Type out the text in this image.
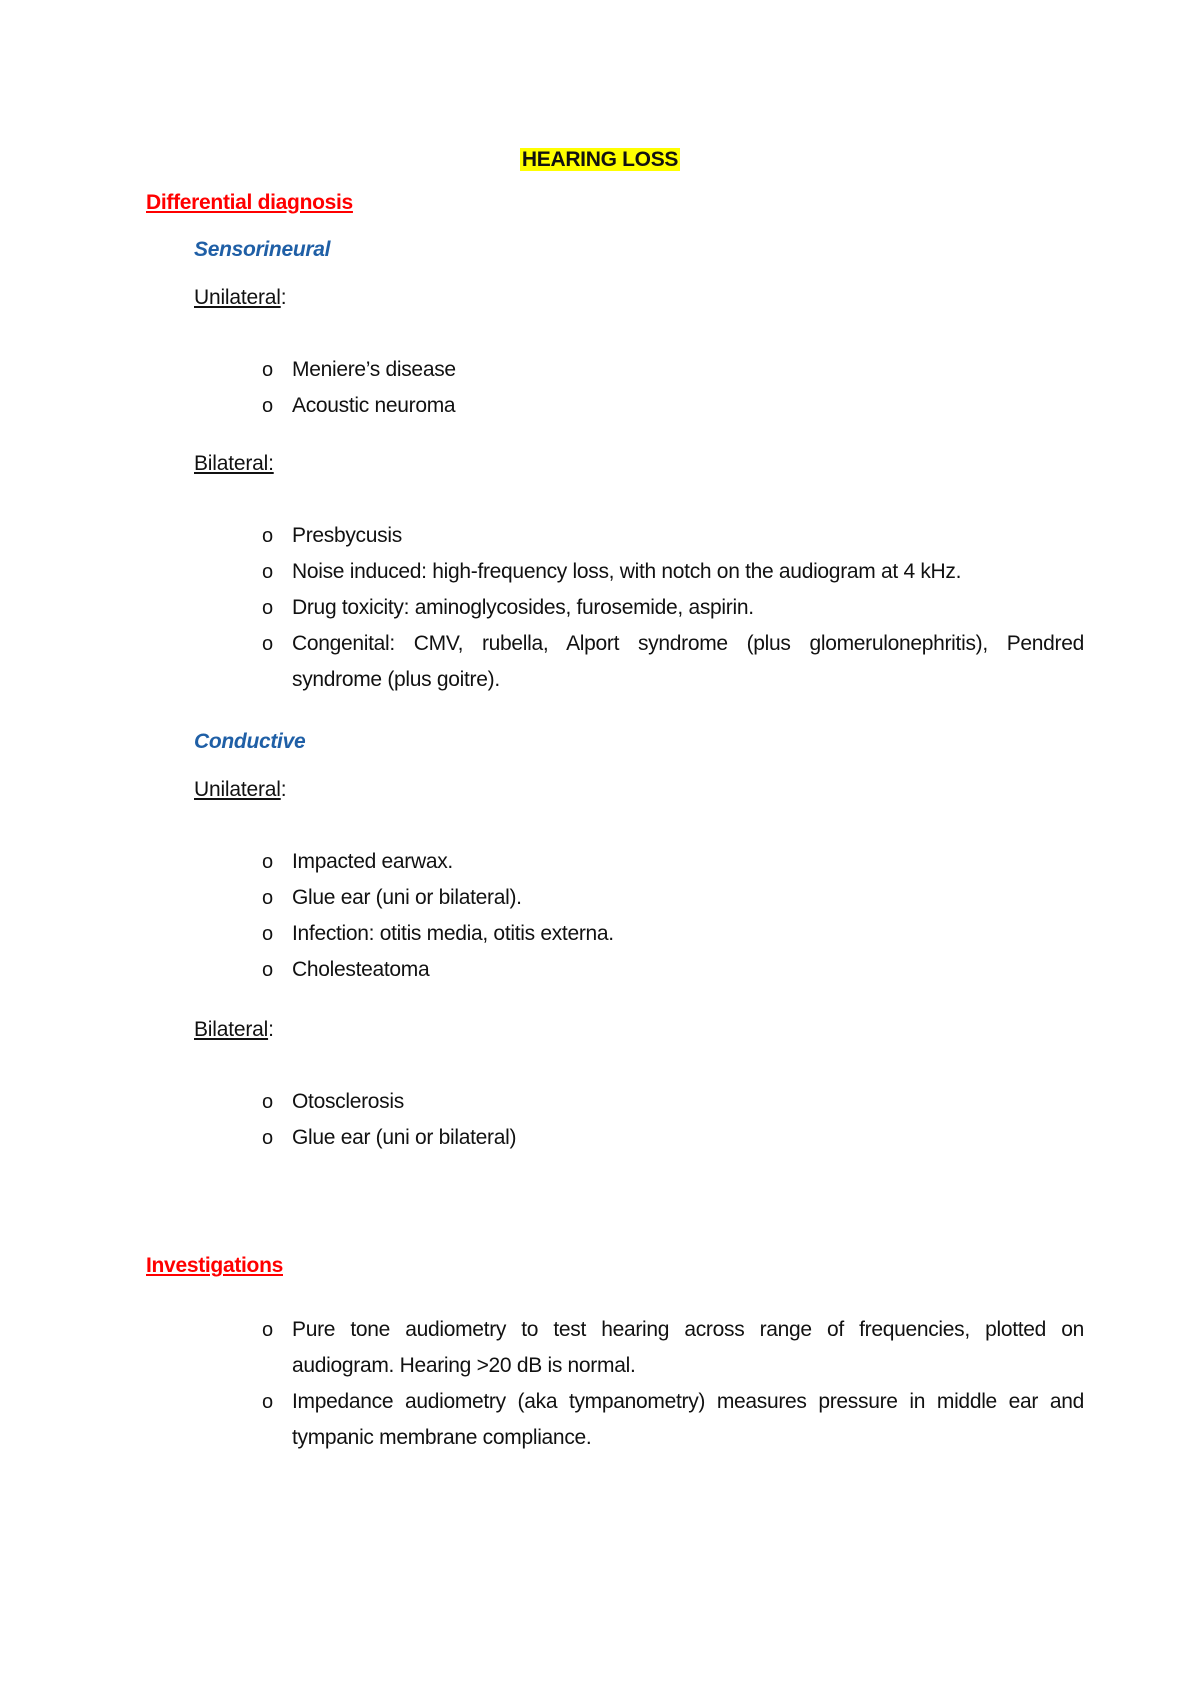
HEARING LOSS
Differential diagnosis
Sensorineural
Unilateral:
o Meniere’s disease
o Acoustic neuroma
Bilateral:
o Presbycusis
o Noise induced: high-frequency loss, with notch on the audiogram at 4 kHz.
o Drug toxicity: aminoglycosides, furosemide, aspirin.
o Congenital: CMV, rubella, Alport syndrome (plus glomerulonephritis), Pendred syndrome (plus goitre).
Conductive
Unilateral:
o Impacted earwax.
o Glue ear (uni or bilateral).
o Infection: otitis media, otitis externa.
o Cholesteatoma
Bilateral:
o Otosclerosis
o Glue ear (uni or bilateral)
Investigations
o Pure tone audiometry to test hearing across range of frequencies, plotted on audiogram. Hearing >20 dB is normal.
o Impedance audiometry (aka tympanometry) measures pressure in middle ear and tympanic membrane compliance.
